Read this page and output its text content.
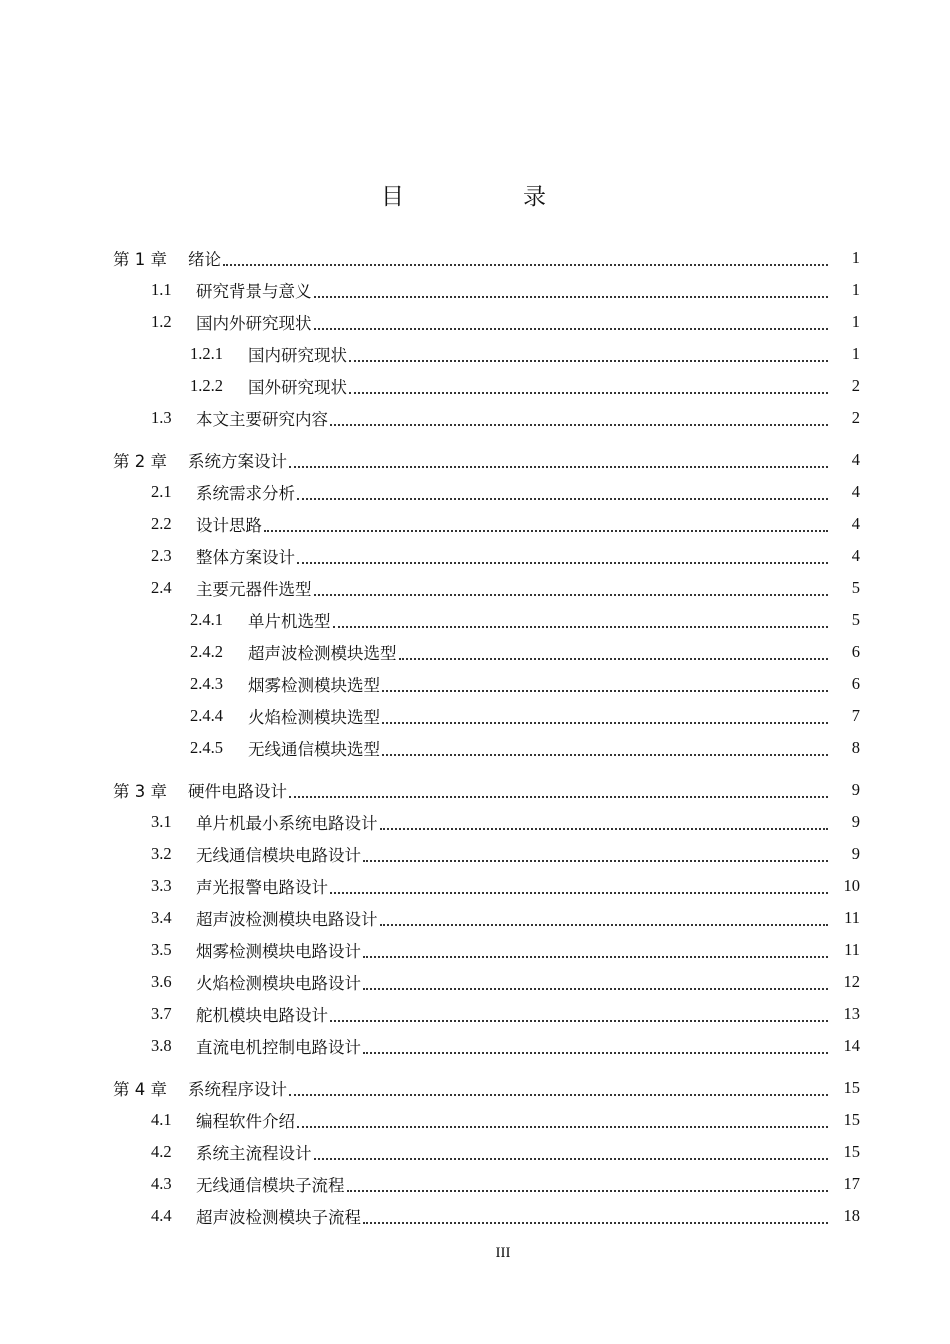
目　录
第 1 章	绪论	1
1.1	研究背景与意义	1
1.2	国内外研究现状	1
1.2.1	国内研究现状	1
1.2.2	国外研究现状	2
1.3	本文主要研究内容	2
第 2 章	系统方案设计	4
2.1	系统需求分析	4
2.2	设计思路	4
2.3	整体方案设计	4
2.4	主要元器件选型	5
2.4.1	单片机选型	5
2.4.2	超声波检测模块选型	6
2.4.3	烟雾检测模块选型	6
2.4.4	火焰检测模块选型	7
2.4.5	无线通信模块选型	8
第 3 章	硬件电路设计	9
3.1	单片机最小系统电路设计	9
3.2	无线通信模块电路设计	9
3.3	声光报警电路设计	10
3.4	超声波检测模块电路设计	11
3.5	烟雾检测模块电路设计	11
3.6	火焰检测模块电路设计	12
3.7	舵机模块电路设计	13
3.8	直流电机控制电路设计	14
第 4 章	系统程序设计	15
4.1	编程软件介绍	15
4.2	系统主流程设计	15
4.3	无线通信模块子流程	17
4.4	超声波检测模块子流程	18
III
